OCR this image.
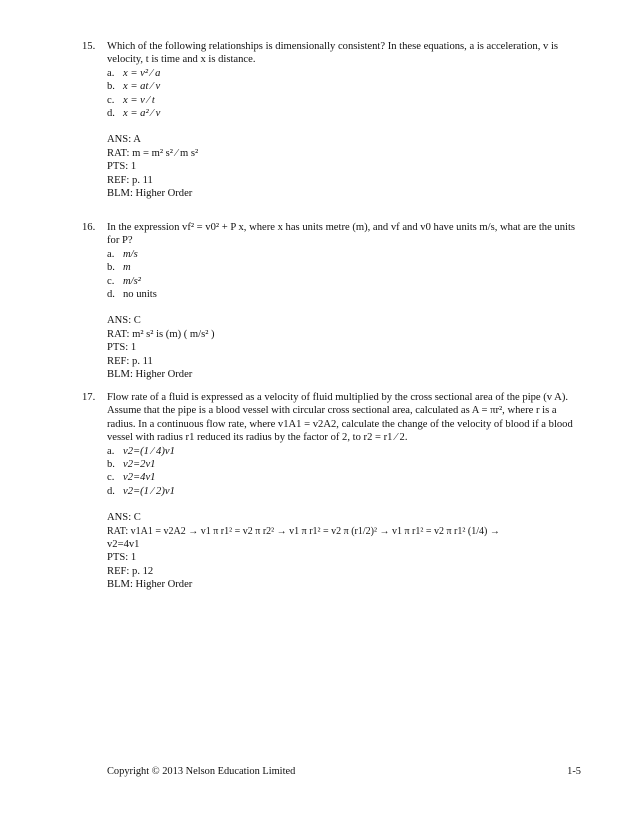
15. Which of the following relationships is dimensionally consistent? In these equations, a is acceleration, v is velocity, t is time and x is distance.
a. x = v² ⁄ a
b. x = at ⁄ v
c. x = v ⁄ t
d. x = a² ⁄ v
ANS: A
RAT: m = m² s² ⁄ m s²
PTS: 1
REF: p. 11
BLM: Higher Order
16. In the expression vf² = v0² + P x, where x has units metre (m), and vf and v0 have units m/s, what are the units for P?
a. m/s
b. m
c. m/s²
d. no units
ANS: C
RAT: m² s² is (m) ( m/s² )
PTS: 1
REF: p. 11
BLM: Higher Order
17. Flow rate of a fluid is expressed as a velocity of fluid multiplied by the cross sectional area of the pipe (v A). Assume that the pipe is a blood vessel with circular cross sectional area, calculated as A = πr², where r is a radius. In a continuous flow rate, where v1A1 = v2A2, calculate the change of the velocity of blood if a blood vessel with radius r1 reduced its radius by the factor of 2, to r2 = r1 ⁄ 2.
a. v2=(1 ⁄ 4)v1
b. v2=2v1
c. v2=4v1
d. v2=(1 ⁄ 2)v1
ANS: C
RAT: v1A1 = v2A2 → v1 π r1² = v2 π r2² → v1 π r1² = v2 π (r1/2)² → v1 π r1² = v2 π r1² (1/4) →
v2=4v1
PTS: 1
REF: p. 12
BLM: Higher Order
Copyright © 2013 Nelson Education Limited	1-5
